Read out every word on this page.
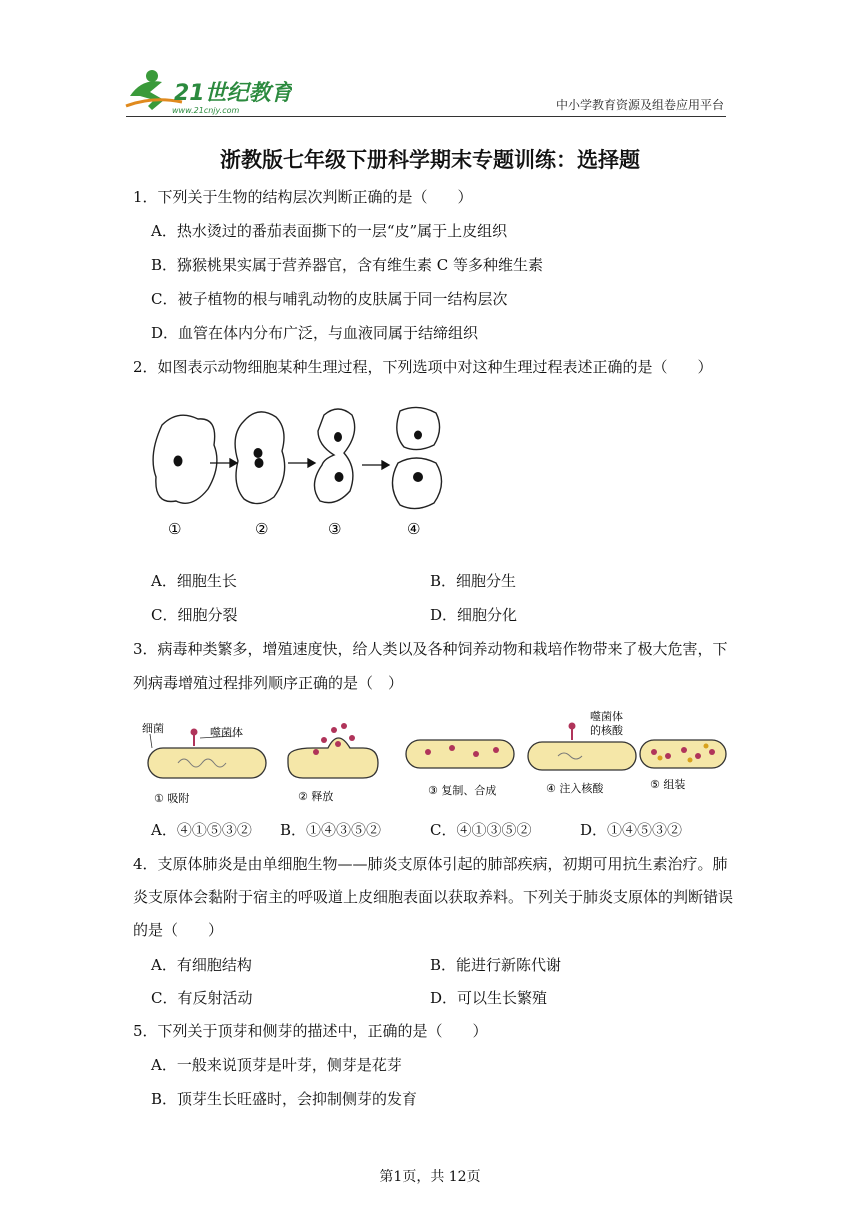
21世纪教育
www.21cnjy.com	中小学教育资源及组卷应用平台
浙教版七年级下册科学期末专题训练：选择题
1．下列关于生物的结构层次判断正确的是（　　）
A．热水烫过的番茄表面撕下的一层“皮”属于上皮组织
B．猕猴桃果实属于营养器官，含有维生素 C 等多种维生素
C．被子植物的根与哺乳动物的皮肤属于同一结构层次
D．血管在体内分布广泛，与血液同属于结缔组织
2．如图表示动物细胞某种生理过程，下列选项中对这种生理过程表述正确的是（　　）
①	②	③	④
A．细胞生长	B．细胞分生
C．细胞分裂	D．细胞分化
3．病毒种类繁多，增殖速度快，给人类以及各种饲养动物和栽培作物带来了极大危害，下
列病毒增殖过程排列顺序正确的是（　）
细菌	噬菌体
① 吸附	② 释放	③ 复制、合成
噬菌体
的核酸
④ 注入核酸	⑤ 组装
A．④①⑤③② B．①④③⑤②	C．④①③⑤②	D．①④⑤③②
4．支原体肺炎是由单细胞生物——肺炎支原体引起的肺部疾病，初期可用抗生素治疗。肺
炎支原体会黏附于宿主的呼吸道上皮细胞表面以获取养料。下列关于肺炎支原体的判断错误
的是（　　）
A．有细胞结构	B．能进行新陈代谢
C．有反射活动	D．可以生长繁殖
5．下列关于顶芽和侧芽的描述中，正确的是（　　）
A．一般来说顶芽是叶芽，侧芽是花芽
B．顶芽生长旺盛时，会抑制侧芽的发育
第1页，共 12页
